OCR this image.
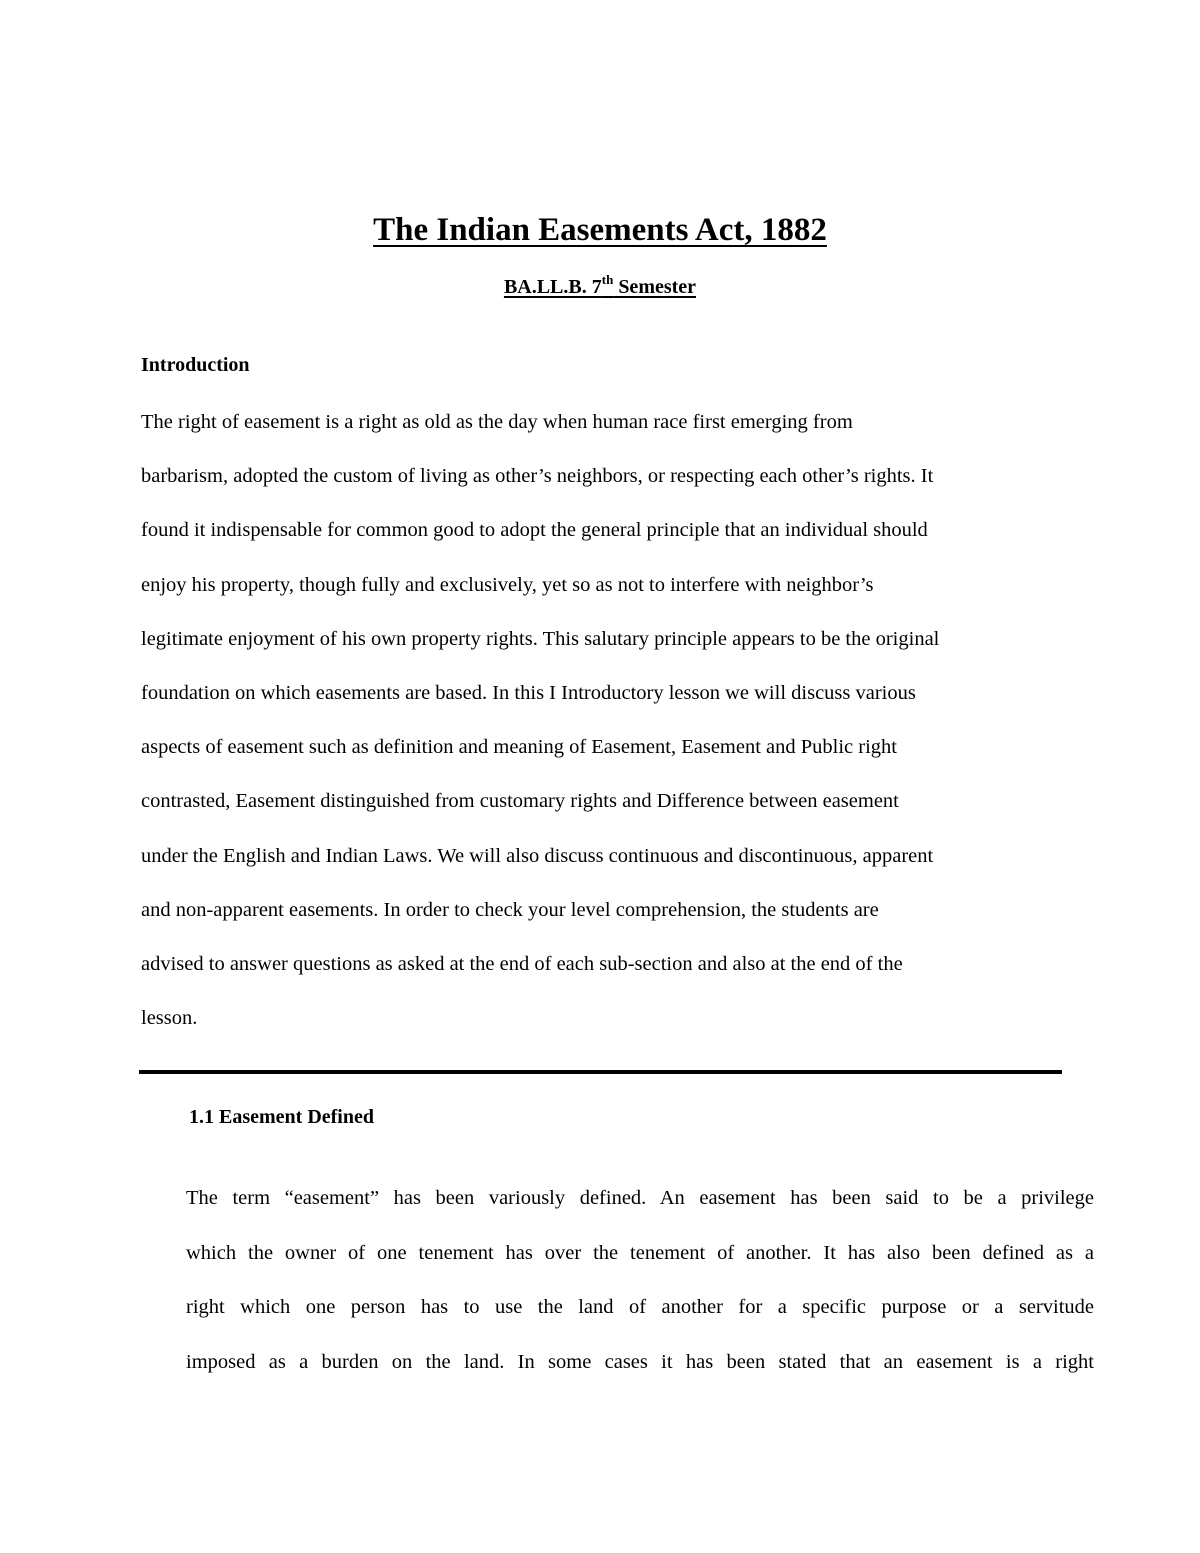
The Indian Easements Act, 1882
BA.LL.B. 7th Semester
Introduction
The right of easement is a right as old as the day when human race first emerging from
barbarism, adopted the custom of living as other’s neighbors, or respecting each other’s rights. It
found it indispensable for common good to adopt the general principle that an individual should
enjoy his property, though fully and exclusively, yet so as not to interfere with neighbor’s
legitimate enjoyment of his own property rights. This salutary principle appears to be the original
foundation on which easements are based. In this I Introductory lesson we will discuss various
aspects of easement such as definition and meaning of Easement, Easement and Public right
contrasted, Easement distinguished from customary rights and Difference between easement
under the English and Indian Laws. We will also discuss continuous and discontinuous, apparent
and non-apparent easements. In order to check your level comprehension, the students are
advised to answer questions as asked at the end of each sub-section and also at the end of the
lesson.
1.1 Easement Defined
The term “easement” has been variously defined. An easement has been said to be a privilege
which the owner of one tenement has over the tenement of another. It has also been defined as a
right which one person has to use the land of another for a specific purpose or a servitude
imposed as a burden on the land. In some cases it has been stated that an easement is a right
